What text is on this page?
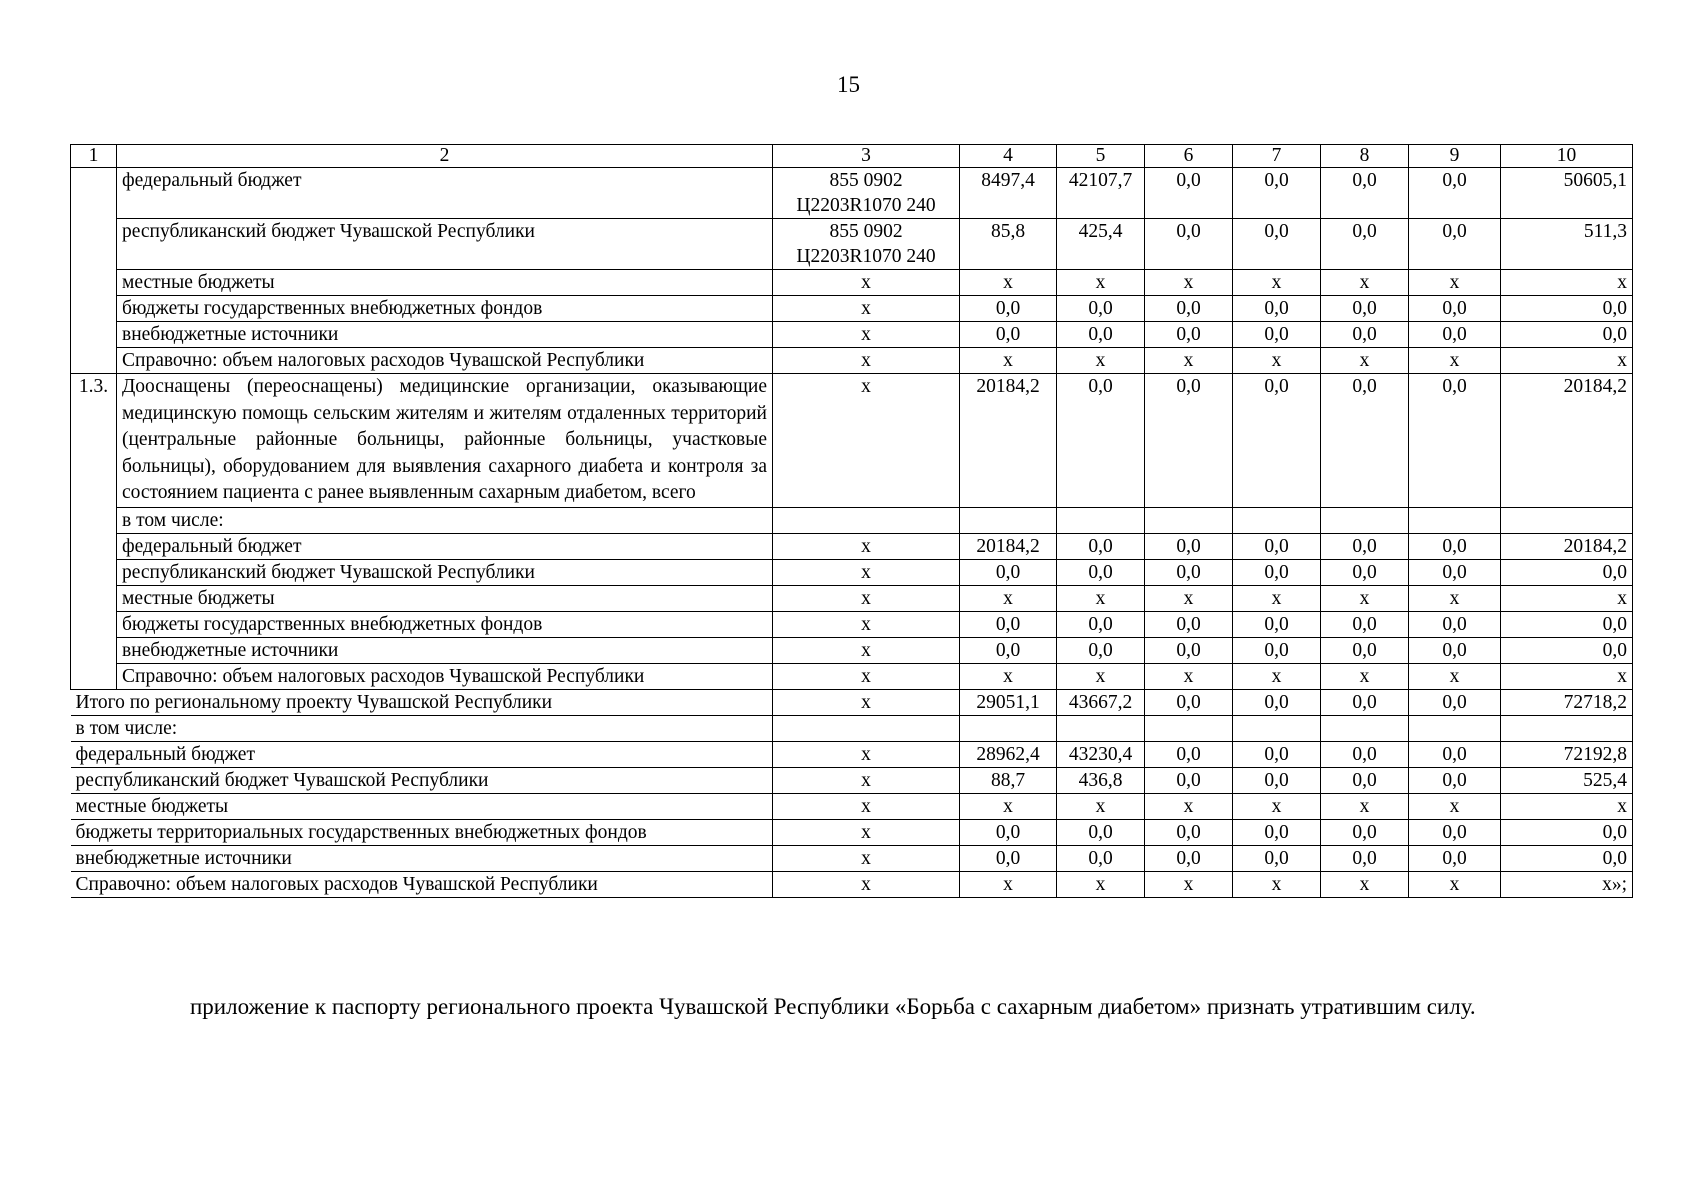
15
1	2	3	4	5	6	7	8	9	10
	федеральный бюджет	855 0902 Ц2203R1070 240	8497,4	42107,7	0,0	0,0	0,0	0,0	50605,1
	республиканский бюджет Чувашской Республики	855 0902 Ц2203R1070 240	85,8	425,4	0,0	0,0	0,0	0,0	511,3
	местные бюджеты	x	x	x	x	x	x	x	x
	бюджеты государственных внебюджетных фондов	x	0,0	0,0	0,0	0,0	0,0	0,0	0,0
	внебюджетные источники	x	0,0	0,0	0,0	0,0	0,0	0,0	0,0
	Справочно: объем налоговых расходов Чувашской Республики	x	x	x	x	x	x	x	x
1.3.	Дооснащены (переоснащены) медицинские организации, оказывающие медицинскую помощь сельским жителям и жителям отдаленных территорий (центральные районные больницы, районные больницы, участковые больницы), оборудованием для выявления сахарного диабета и контроля за состоянием пациента с ранее выявленным сахарным диабетом, всего	x	20184,2	0,0	0,0	0,0	0,0	0,0	20184,2
	в том числе:								
	федеральный бюджет	x	20184,2	0,0	0,0	0,0	0,0	0,0	20184,2
	республиканский бюджет Чувашской Республики	x	0,0	0,0	0,0	0,0	0,0	0,0	0,0
	местные бюджеты	x	x	x	x	x	x	x	x
	бюджеты государственных внебюджетных фондов	x	0,0	0,0	0,0	0,0	0,0	0,0	0,0
	внебюджетные источники	x	0,0	0,0	0,0	0,0	0,0	0,0	0,0
	Справочно: объем налоговых расходов Чувашской Республики	x	x	x	x	x	x	x	x
Итого по региональному проекту Чувашской Республики		x	29051,1	43667,2	0,0	0,0	0,0	0,0	72718,2
в том числе:									
федеральный бюджет		x	28962,4	43230,4	0,0	0,0	0,0	0,0	72192,8
республиканский бюджет Чувашской Республики		x	88,7	436,8	0,0	0,0	0,0	0,0	525,4
местные бюджеты		x	x	x	x	x	x	x	x
бюджеты территориальных государственных внебюджетных фондов		x	0,0	0,0	0,0	0,0	0,0	0,0	0,0
внебюджетные источники		x	0,0	0,0	0,0	0,0	0,0	0,0	0,0
Справочно: объем налоговых расходов Чувашской Республики		x	x	x	x	x	x	x	x»;
приложение к паспорту регионального проекта Чувашской Республики «Борьба с сахарным диабетом» признать утратившим силу.
